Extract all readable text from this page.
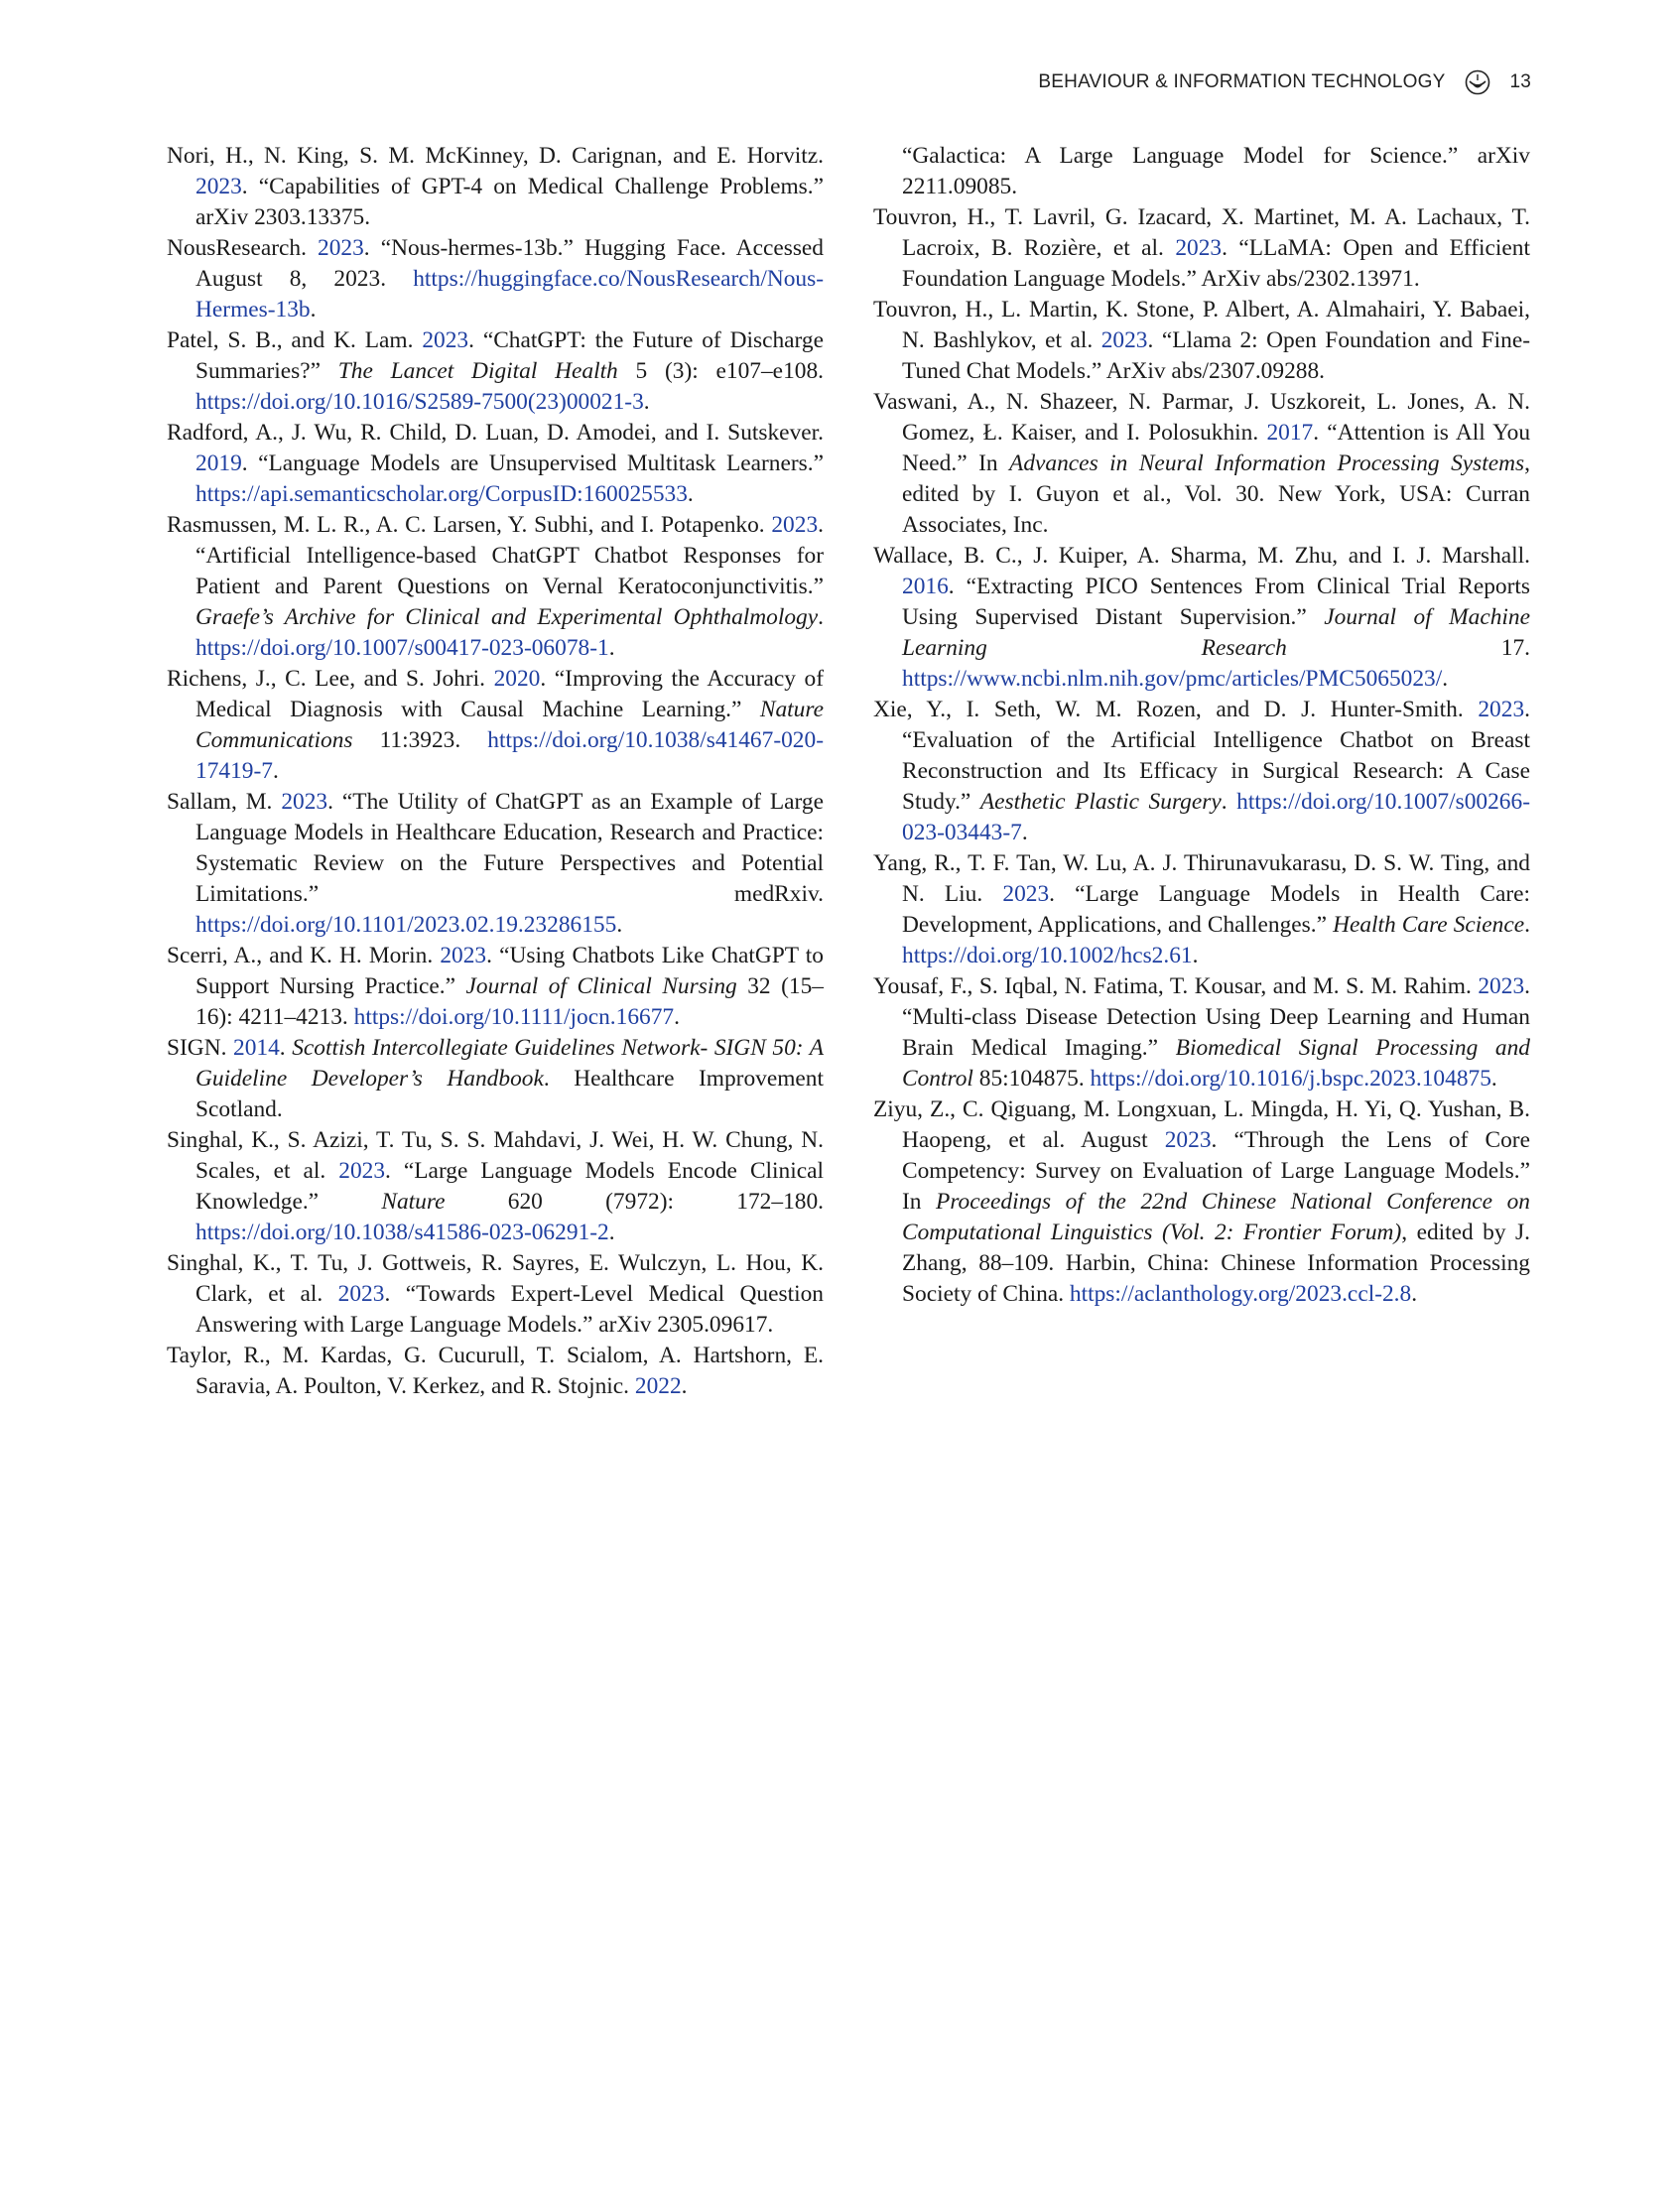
BEHAVIOUR & INFORMATION TECHNOLOGY	13

Nori, H., N. King, S. M. McKinney, D. Carignan, and E. Horvitz. 2023. “Capabilities of GPT-4 on Medical Challenge Problems.” arXiv 2303.13375.

NousResearch. 2023. “Nous-hermes-13b.” Hugging Face. Accessed August 8, 2023. https://huggingface.co/NousResearch/Nous-Hermes-13b.

Patel, S. B., and K. Lam. 2023. “ChatGPT: the Future of Discharge Summaries?” The Lancet Digital Health 5 (3): e107–e108. https://doi.org/10.1016/S2589-7500(23)00021-3.

Radford, A., J. Wu, R. Child, D. Luan, D. Amodei, and I. Sutskever. 2019. “Language Models are Unsupervised Multitask Learners.” https://api.semanticscholar.org/CorpusID:160025533.

Rasmussen, M. L. R., A. C. Larsen, Y. Subhi, and I. Potapenko. 2023. “Artificial Intelligence-based ChatGPT Chatbot Responses for Patient and Parent Questions on Vernal Keratoconjunctivitis.” Graefe’s Archive for Clinical and Experimental Ophthalmology. https://doi.org/10.1007/s00417-023-06078-1.

Richens, J., C. Lee, and S. Johri. 2020. “Improving the Accuracy of Medical Diagnosis with Causal Machine Learning.” Nature Communications 11:3923. https://doi.org/10.1038/s41467-020-17419-7.

Sallam, M. 2023. “The Utility of ChatGPT as an Example of Large Language Models in Healthcare Education, Research and Practice: Systematic Review on the Future Perspectives and Potential Limitations.” medRxiv. https://doi.org/10.1101/2023.02.19.23286155.

Scerri, A., and K. H. Morin. 2023. “Using Chatbots Like ChatGPT to Support Nursing Practice.” Journal of Clinical Nursing 32 (15–16): 4211–4213. https://doi.org/10.1111/jocn.16677.

SIGN. 2014. Scottish Intercollegiate Guidelines Network- SIGN 50: A Guideline Developer’s Handbook. Healthcare Improvement Scotland.

Singhal, K., S. Azizi, T. Tu, S. S. Mahdavi, J. Wei, H. W. Chung, N. Scales, et al. 2023. “Large Language Models Encode Clinical Knowledge.” Nature 620 (7972): 172–180. https://doi.org/10.1038/s41586-023-06291-2.

Singhal, K., T. Tu, J. Gottweis, R. Sayres, E. Wulczyn, L. Hou, K. Clark, et al. 2023. “Towards Expert-Level Medical Question Answering with Large Language Models.” arXiv 2305.09617.

Taylor, R., M. Kardas, G. Cucurull, T. Scialom, A. Hartshorn, E. Saravia, A. Poulton, V. Kerkez, and R. Stojnic. 2022.

“Galactica: A Large Language Model for Science.” arXiv 2211.09085.

Touvron, H., T. Lavril, G. Izacard, X. Martinet, M. A. Lachaux, T. Lacroix, B. Rozière, et al. 2023. “LLaMA: Open and Efficient Foundation Language Models.” ArXiv abs/2302.13971.

Touvron, H., L. Martin, K. Stone, P. Albert, A. Almahairi, Y. Babaei, N. Bashlykov, et al. 2023. “Llama 2: Open Foundation and Fine-Tuned Chat Models.” ArXiv abs/2307.09288.

Vaswani, A., N. Shazeer, N. Parmar, J. Uszkoreit, L. Jones, A. N. Gomez, Ł. Kaiser, and I. Polosukhin. 2017. “Attention is All You Need.” In Advances in Neural Information Processing Systems, edited by I. Guyon et al., Vol. 30. New York, USA: Curran Associates, Inc.

Wallace, B. C., J. Kuiper, A. Sharma, M. Zhu, and I. J. Marshall. 2016. “Extracting PICO Sentences From Clinical Trial Reports Using Supervised Distant Supervision.” Journal of Machine Learning Research 17. https://www.ncbi.nlm.nih.gov/pmc/articles/PMC5065023/.

Xie, Y., I. Seth, W. M. Rozen, and D. J. Hunter-Smith. 2023. “Evaluation of the Artificial Intelligence Chatbot on Breast Reconstruction and Its Efficacy in Surgical Research: A Case Study.” Aesthetic Plastic Surgery. https://doi.org/10.1007/s00266-023-03443-7.

Yang, R., T. F. Tan, W. Lu, A. J. Thirunavukarasu, D. S. W. Ting, and N. Liu. 2023. “Large Language Models in Health Care: Development, Applications, and Challenges.” Health Care Science. https://doi.org/10.1002/hcs2.61.

Yousaf, F., S. Iqbal, N. Fatima, T. Kousar, and M. S. M. Rahim. 2023. “Multi-class Disease Detection Using Deep Learning and Human Brain Medical Imaging.” Biomedical Signal Processing and Control 85:104875. https://doi.org/10.1016/j.bspc.2023.104875.

Ziyu, Z., C. Qiguang, M. Longxuan, L. Mingda, H. Yi, Q. Yushan, B. Haopeng, et al. August 2023. “Through the Lens of Core Competency: Survey on Evaluation of Large Language Models.” In Proceedings of the 22nd Chinese National Conference on Computational Linguistics (Vol. 2: Frontier Forum), edited by J. Zhang, 88–109. Harbin, China: Chinese Information Processing Society of China. https://aclanthology.org/2023.ccl-2.8.
